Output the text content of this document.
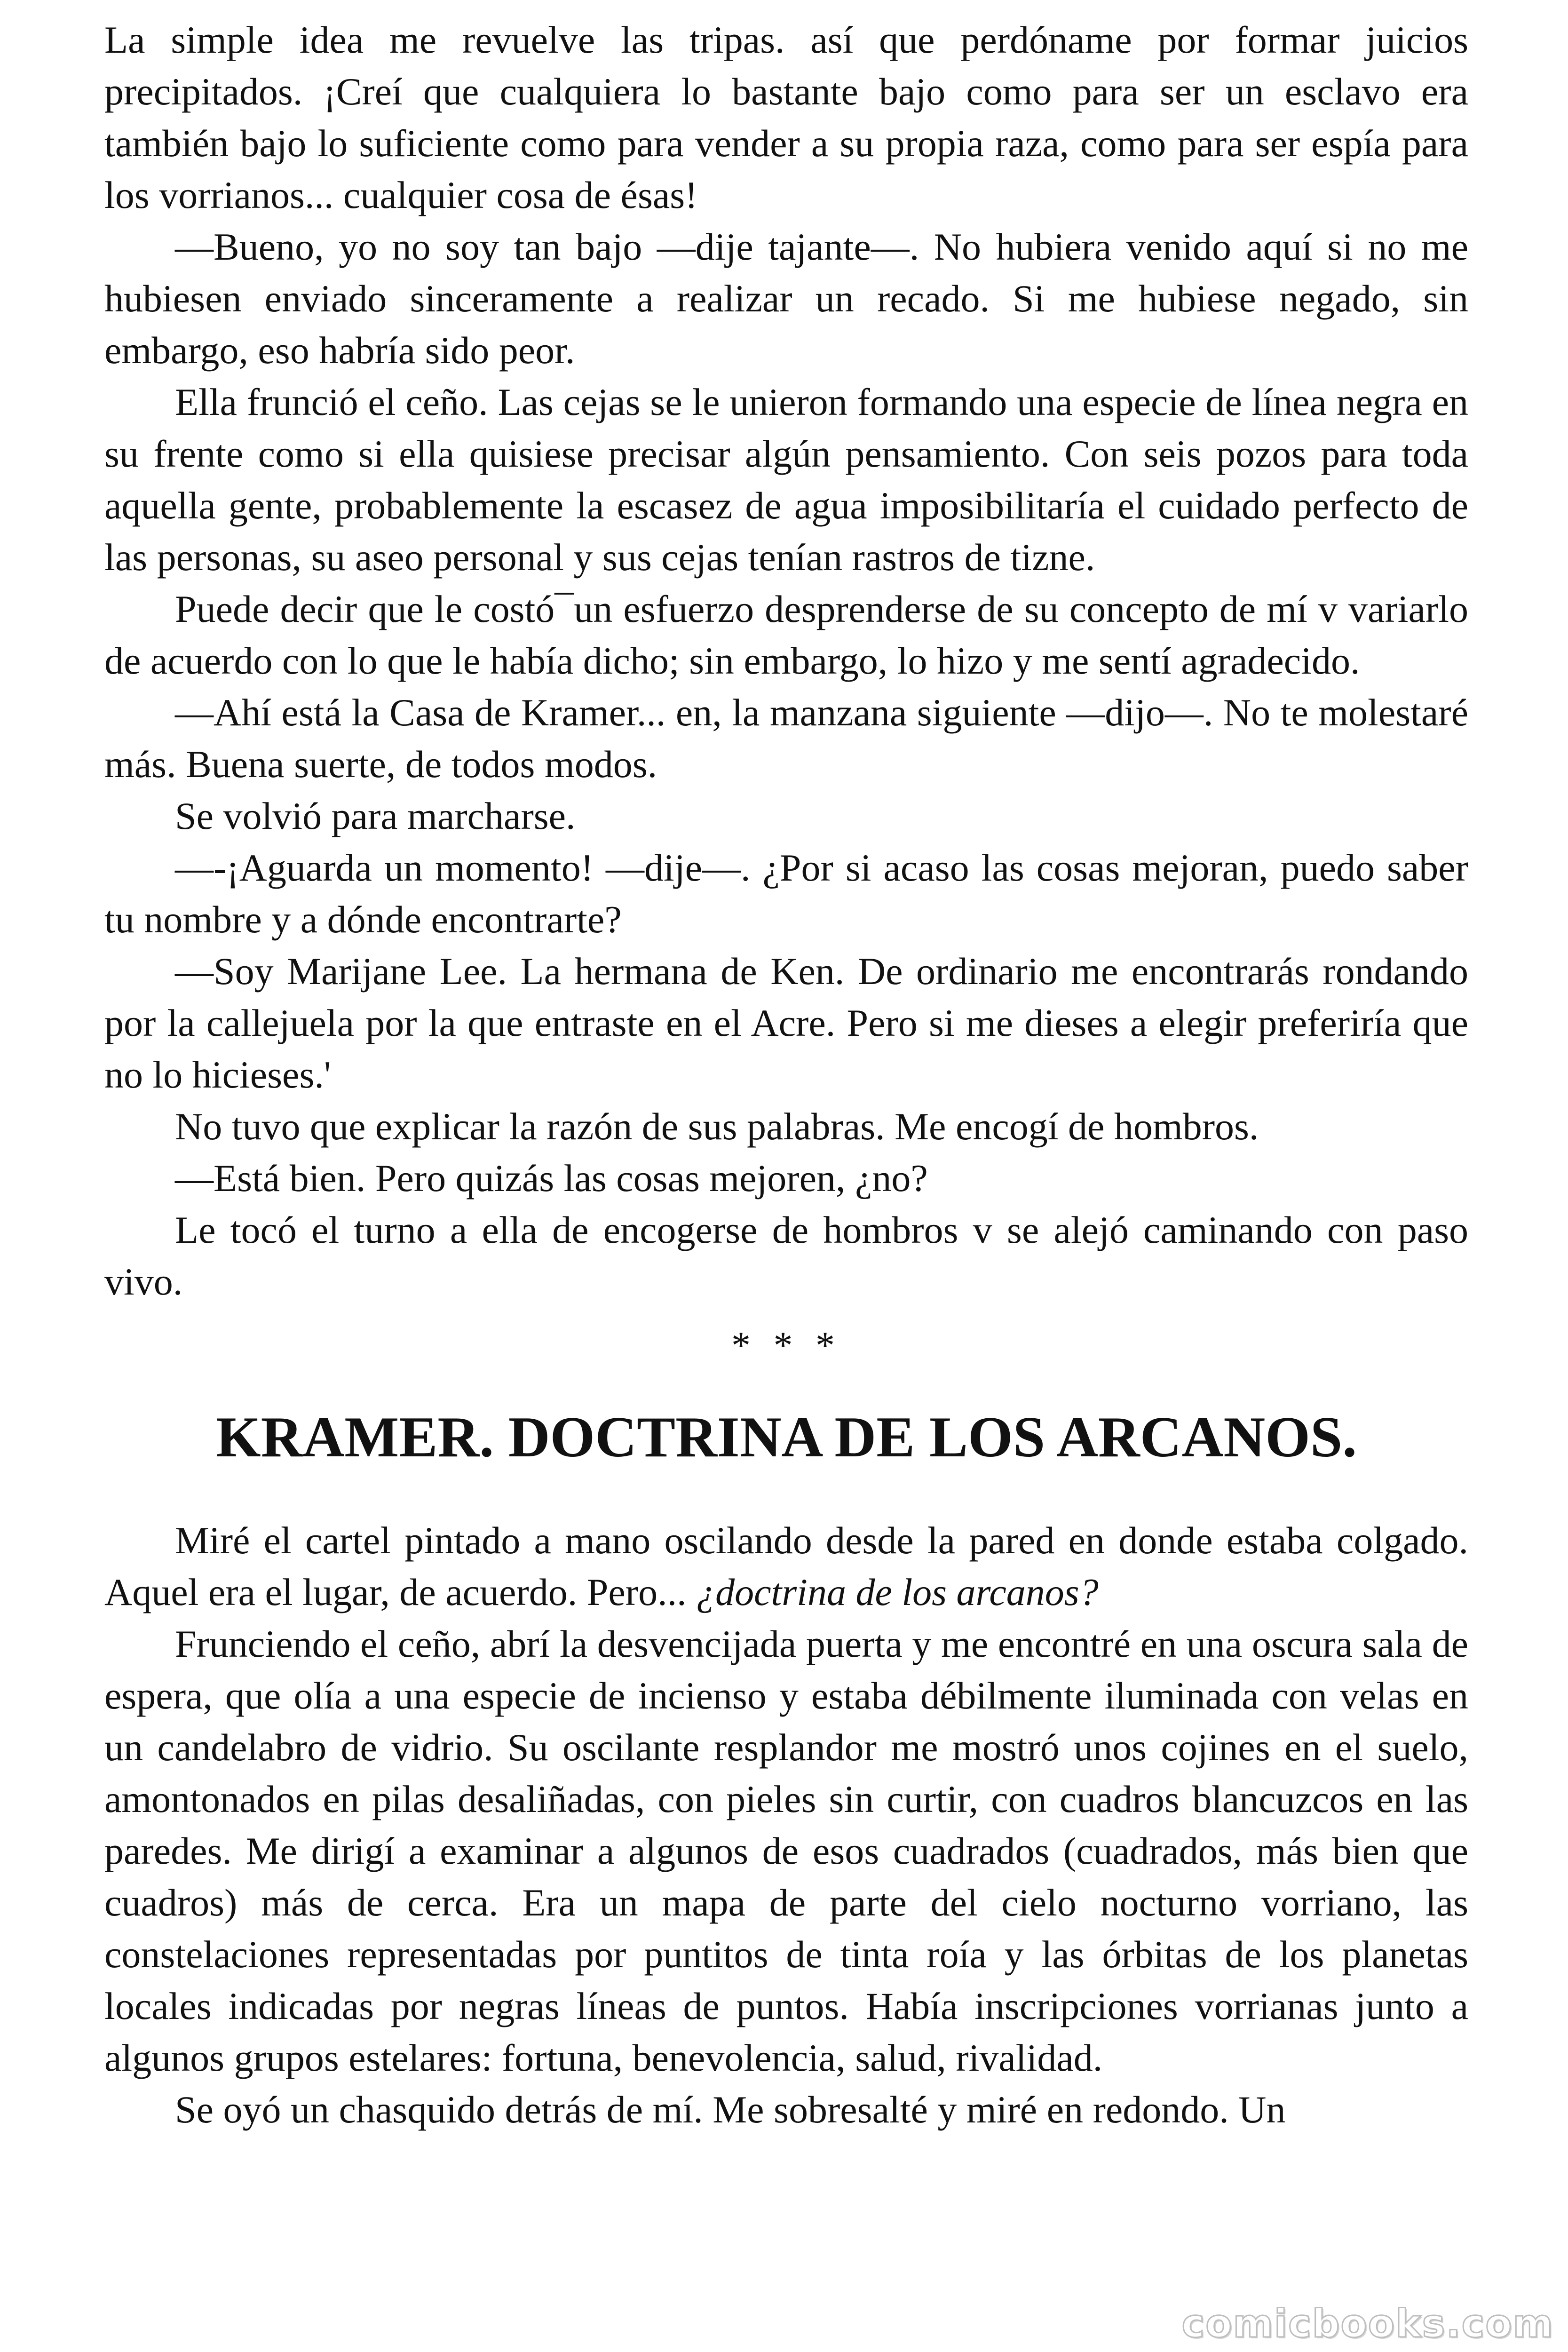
La simple idea me revuelve las tripas. así que perdóname por formar juicios precipitados. ¡Creí que cualquiera lo bastante bajo como para ser un esclavo era también bajo lo suficiente como para vender a su propia raza, como para ser espía para los vorrianos... cualquier cosa de ésas!

—Bueno, yo no soy tan bajo —dije tajante—. No hubiera venido aquí si no me hubiesen enviado sinceramente a realizar un recado. Si me hubiese negado, sin embargo, eso habría sido peor.

Ella frunció el ceño. Las cejas se le unieron formando una especie de línea negra en su frente como si ella quisiese precisar algún pensamiento. Con seis pozos para toda aquella gente, probablemente la escasez de agua imposibilitaría el cuidado perfecto de las personas, su aseo personal y sus cejas tenían rastros de tizne.

Puede decir que le costó¯un esfuerzo desprenderse de su concepto de mí v variarlo de acuerdo con lo que le había dicho; sin embargo, lo hizo y me sentí agradecido.

—Ahí está la Casa de Kramer... en, la manzana siguiente —dijo—. No te molestaré más. Buena suerte, de todos modos.

Se volvió para marcharse.

—-¡Aguarda un momento! —dije—. ¿Por si acaso las cosas mejoran, puedo saber tu nombre y a dónde encontrarte?

—Soy Marijane Lee. La hermana de Ken. De ordinario me encontrarás rondando por la callejuela por la que entraste en el Acre. Pero si me dieses a elegir preferiría que no lo hicieses.'

No tuvo que explicar la razón de sus palabras. Me encogí de hombros.

—Está bien. Pero quizás las cosas mejoren, ¿no?

Le tocó el turno a ella de encogerse de hombros v se alejó caminando con paso vivo.

* * *

KRAMER. DOCTRINA DE LOS ARCANOS.

Miré el cartel pintado a mano oscilando desde la pared en donde estaba colgado. Aquel era el lugar, de acuerdo. Pero... ¿doctrina de los arcanos?

Frunciendo el ceño, abrí la desvencijada puerta y me encontré en una oscura sala de espera, que olía a una especie de incienso y estaba débilmente iluminada con velas en un candelabro de vidrio. Su oscilante resplandor me mostró unos cojines en el suelo, amontonados en pilas desaliñadas, con pieles sin curtir, con cuadros blancuzcos en las paredes. Me dirigí a examinar a algunos de esos cuadrados (cuadrados, más bien que cuadros) más de cerca. Era un mapa de parte del cielo nocturno vorriano, las constelaciones representadas por puntitos de tinta roía y las órbitas de los planetas locales indicadas por negras líneas de puntos. Había inscripciones vorrianas junto a algunos grupos estelares: fortuna, benevolencia, salud, rivalidad.

Se oyó un chasquido detrás de mí. Me sobresalté y miré en redondo. Un

comicbooks.com
